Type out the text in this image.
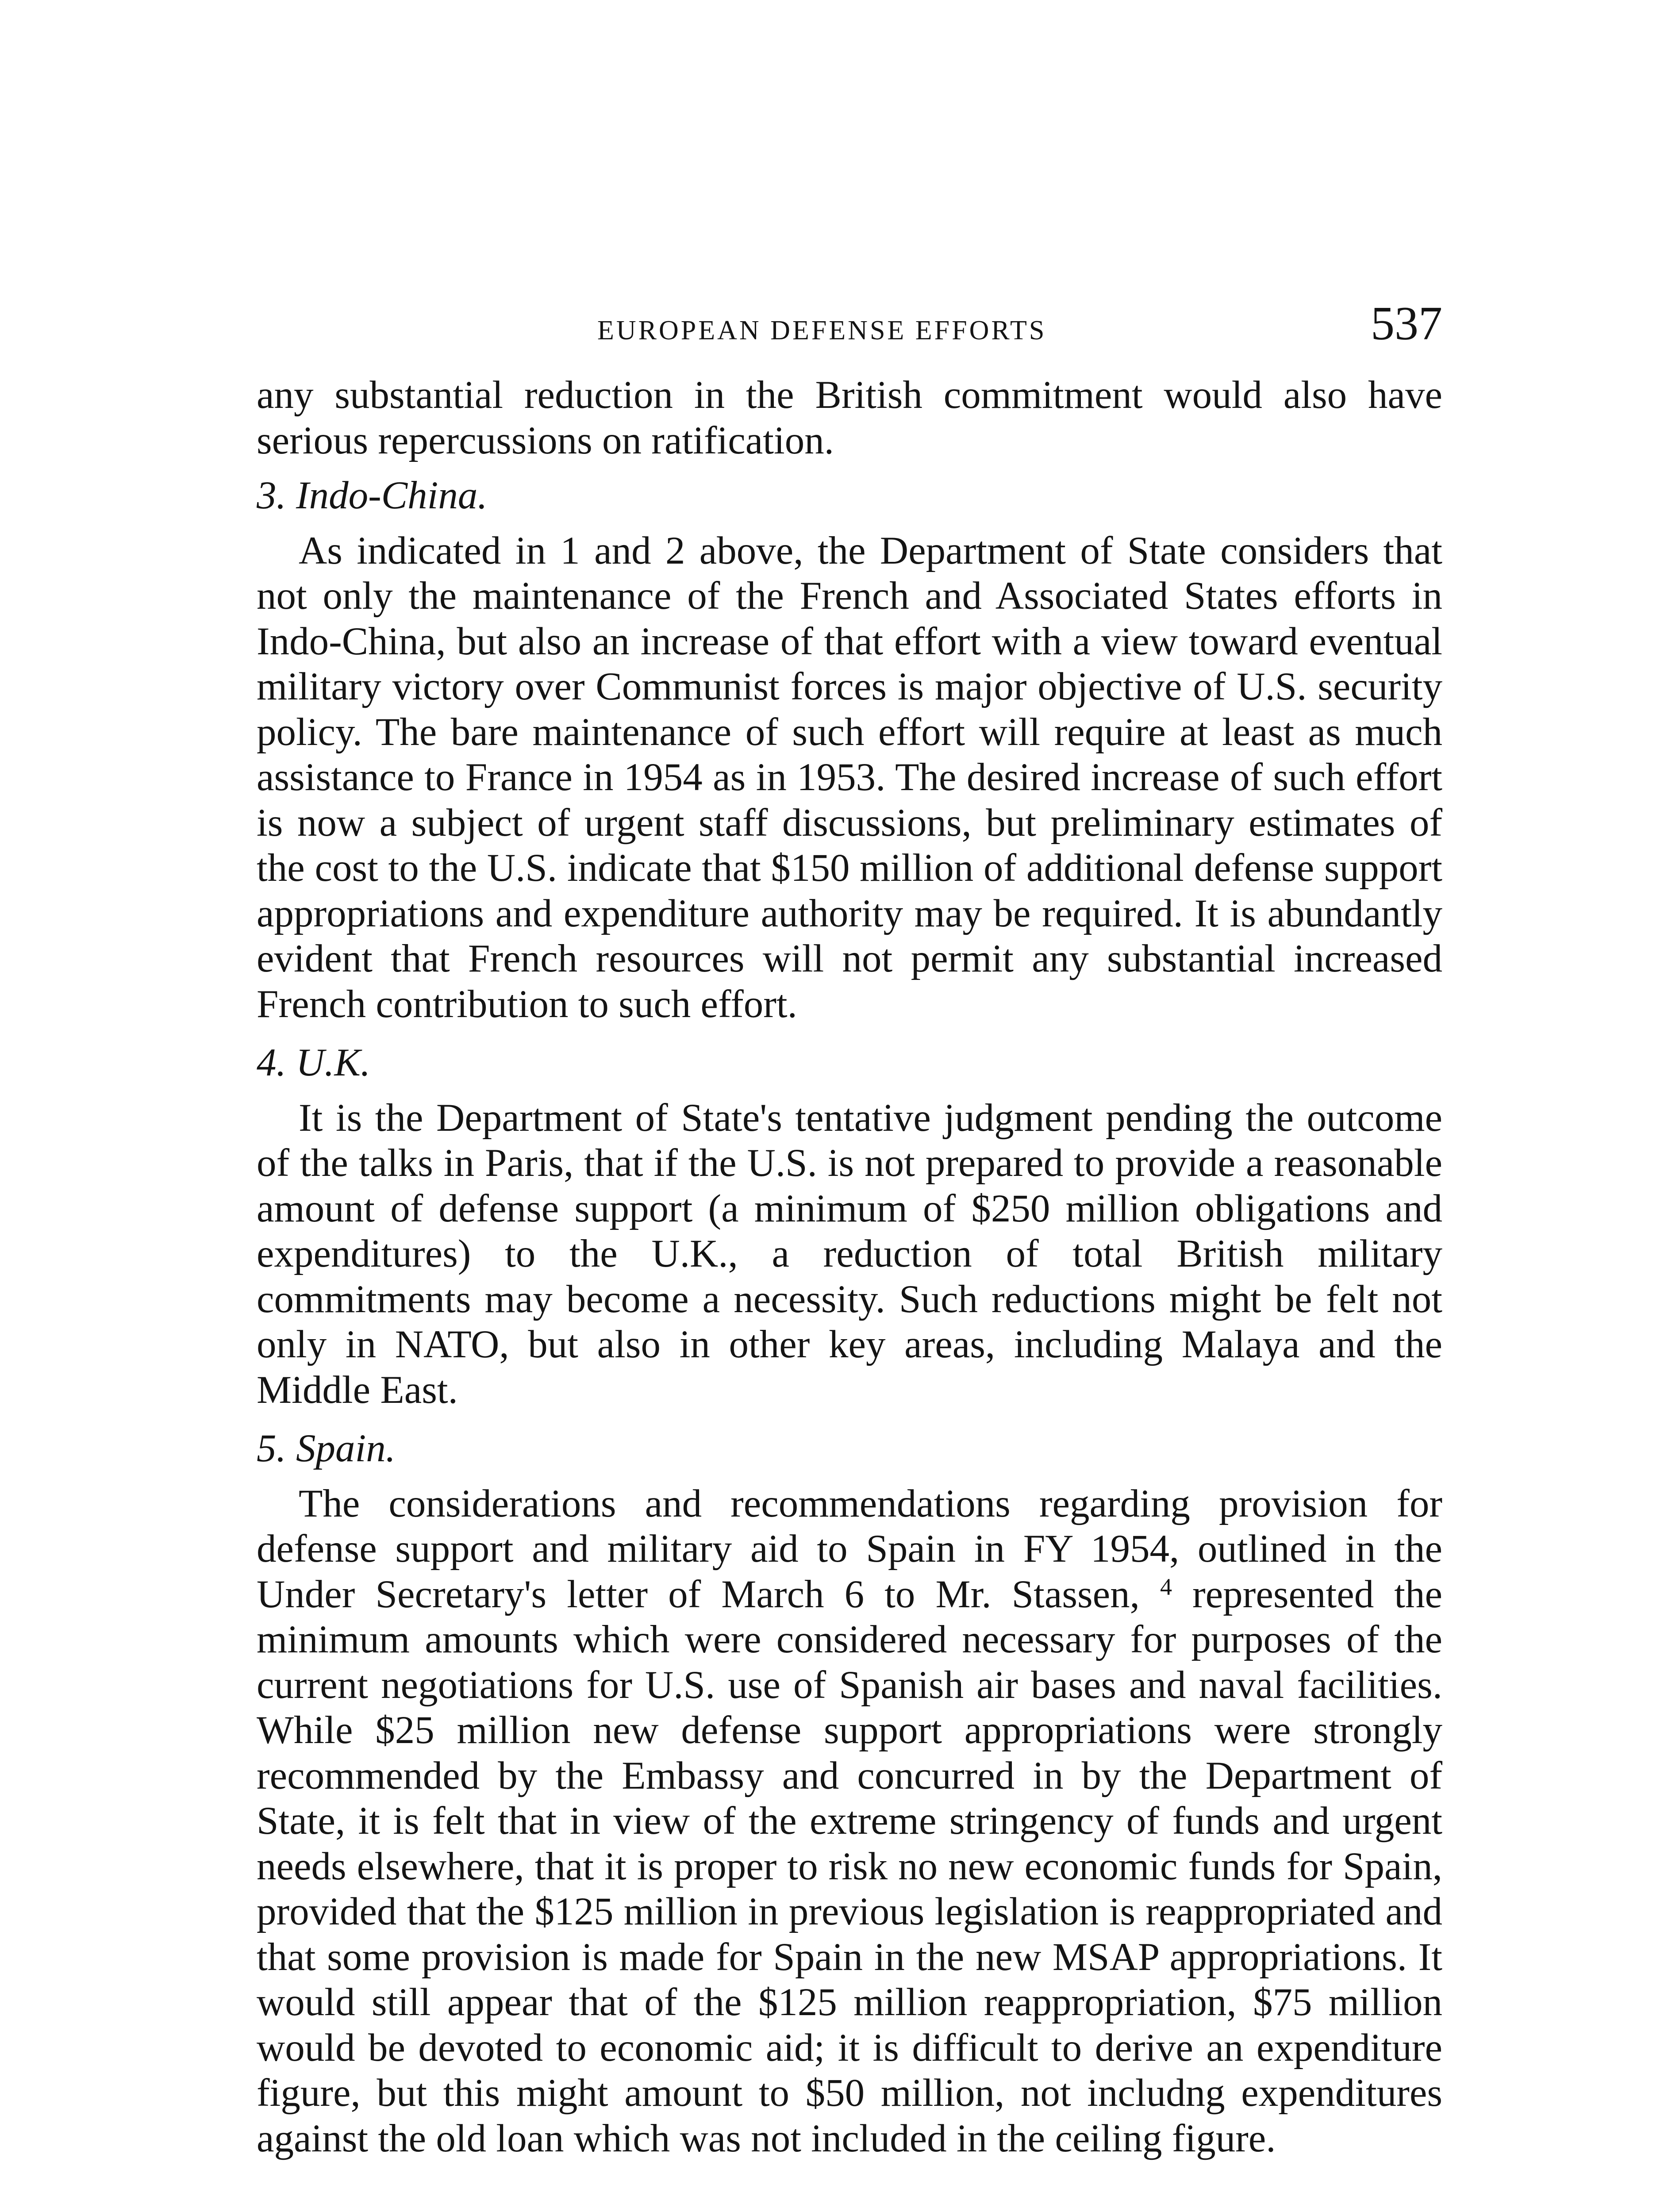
EUROPEAN DEFENSE EFFORTS	537

any substantial reduction in the British commitment would also have serious repercussions on ratification.

3. Indo-China.

As indicated in 1 and 2 above, the Department of State considers that not only the maintenance of the French and Associated States efforts in Indo-China, but also an increase of that effort with a view toward eventual military victory over Communist forces is major objective of U.S. security policy. The bare maintenance of such effort will require at least as much assistance to France in 1954 as in 1953. The desired increase of such effort is now a subject of urgent staff discussions, but preliminary estimates of the cost to the U.S. indicate that $150 million of additional defense support appropriations and expenditure authority may be required. It is abundantly evident that French resources will not permit any substantial increased French contribution to such effort.

4. U.K.

It is the Department of State's tentative judgment pending the outcome of the talks in Paris, that if the U.S. is not prepared to provide a reasonable amount of defense support (a minimum of $250 million obligations and expenditures) to the U.K., a reduction of total British military commitments may become a necessity. Such reductions might be felt not only in NATO, but also in other key areas, including Malaya and the Middle East.

5. Spain.

The considerations and recommendations regarding provision for defense support and military aid to Spain in FY 1954, outlined in the Under Secretary's letter of March 6 to Mr. Stassen, $^4$ represented the minimum amounts which were considered necessary for purposes of the current negotiations for U.S. use of Spanish air bases and naval facilities. While $25 million new defense support appropriations were strongly recommended by the Embassy and concurred in by the Department of State, it is felt that in view of the extreme stringency of funds and urgent needs elsewhere, that it is proper to risk no new economic funds for Spain, provided that the $125 million in previous legislation is reappropriated and that some provision is made for Spain in the new MSAP appropriations. It would still appear that of the $125 million reappropriation, $75 million would be devoted to economic aid; it is difficult to derive an expenditure figure, but this might amount to $50 million, not includng expenditures against the old loan which was not included in the ceiling figure.
